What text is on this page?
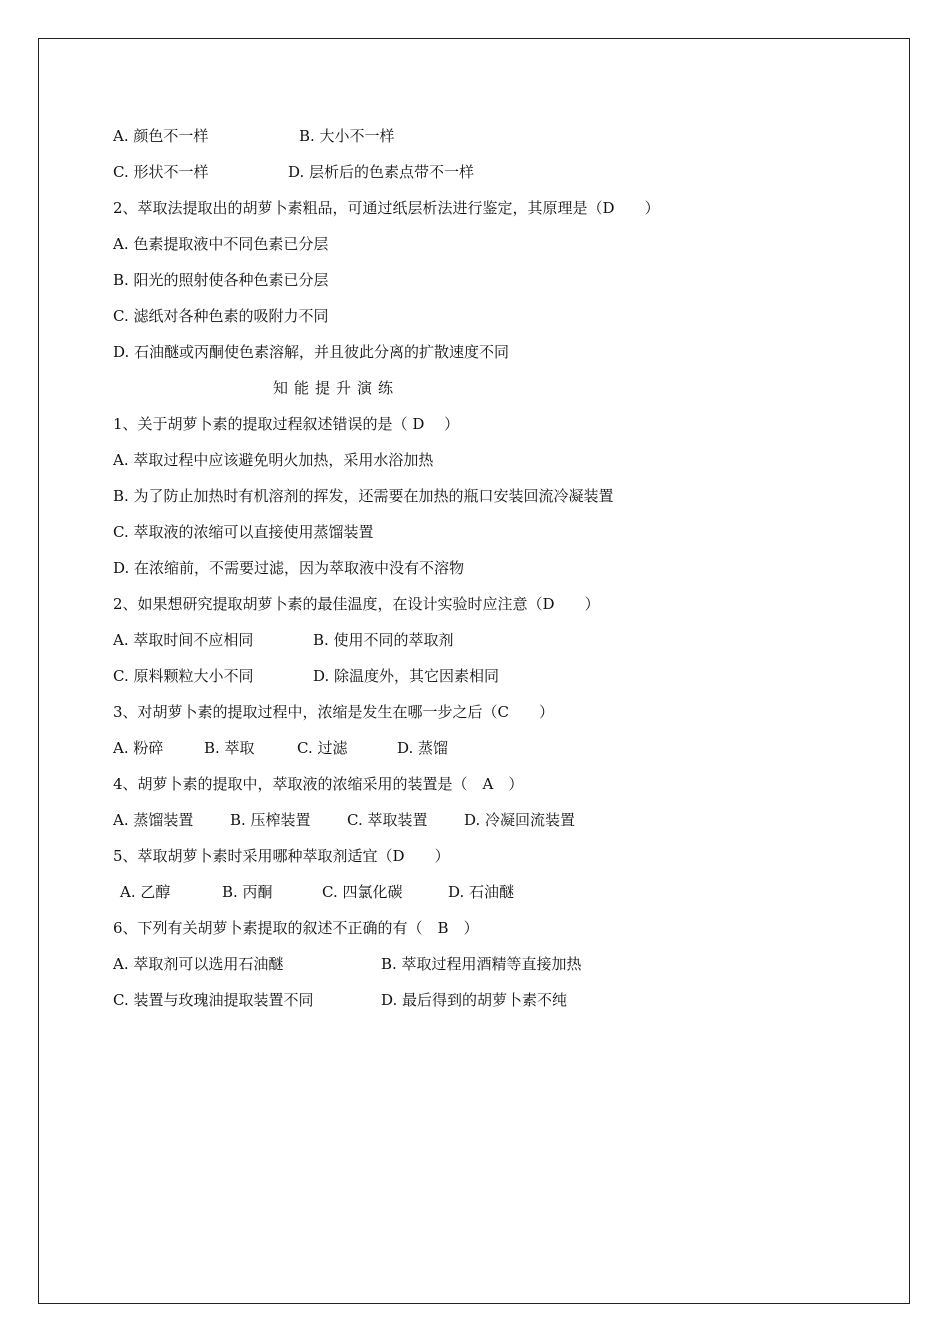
A. 颜色不一样	B. 大小不一样
C. 形状不一样	D. 层析后的色素点带不一样
2、萃取法提取出的胡萝卜素粗品，可通过纸层析法进行鉴定，其原理是（D　　）
A. 色素提取液中不同色素已分层
B. 阳光的照射使各种色素已分层
C. 滤纸对各种色素的吸附力不同
D. 石油醚或丙酮使色素溶解，并且彼此分离的扩散速度不同
知能提升演练
1、关于胡萝卜素的提取过程叙述错误的是（ D　 ）
A. 萃取过程中应该避免明火加热，采用水浴加热
B. 为了防止加热时有机溶剂的挥发，还需要在加热的瓶口安装回流冷凝装置
C. 萃取液的浓缩可以直接使用蒸馏装置
D. 在浓缩前，不需要过滤，因为萃取液中没有不溶物
2、如果想研究提取胡萝卜素的最佳温度，在设计实验时应注意（D　　）
A. 萃取时间不应相同	B. 使用不同的萃取剂
C. 原料颗粒大小不同	D. 除温度外，其它因素相同
3、对胡萝卜素的提取过程中，浓缩是发生在哪一步之后（C　　）
A. 粉碎	B. 萃取	C. 过滤	D. 蒸馏
4、胡萝卜素的提取中，萃取液的浓缩采用的装置是（　A　）
A. 蒸馏装置	B. 压榨装置	C. 萃取装置	D. 冷凝回流装置
5、萃取胡萝卜素时采用哪种萃取剂适宜（D　　）
A. 乙醇	B. 丙酮	C. 四氯化碳	D. 石油醚
6、下列有关胡萝卜素提取的叙述不正确的有（　B　）
A. 萃取剂可以选用石油醚	B. 萃取过程用酒精等直接加热
C. 装置与玫瑰油提取装置不同	D. 最后得到的胡萝卜素不纯
